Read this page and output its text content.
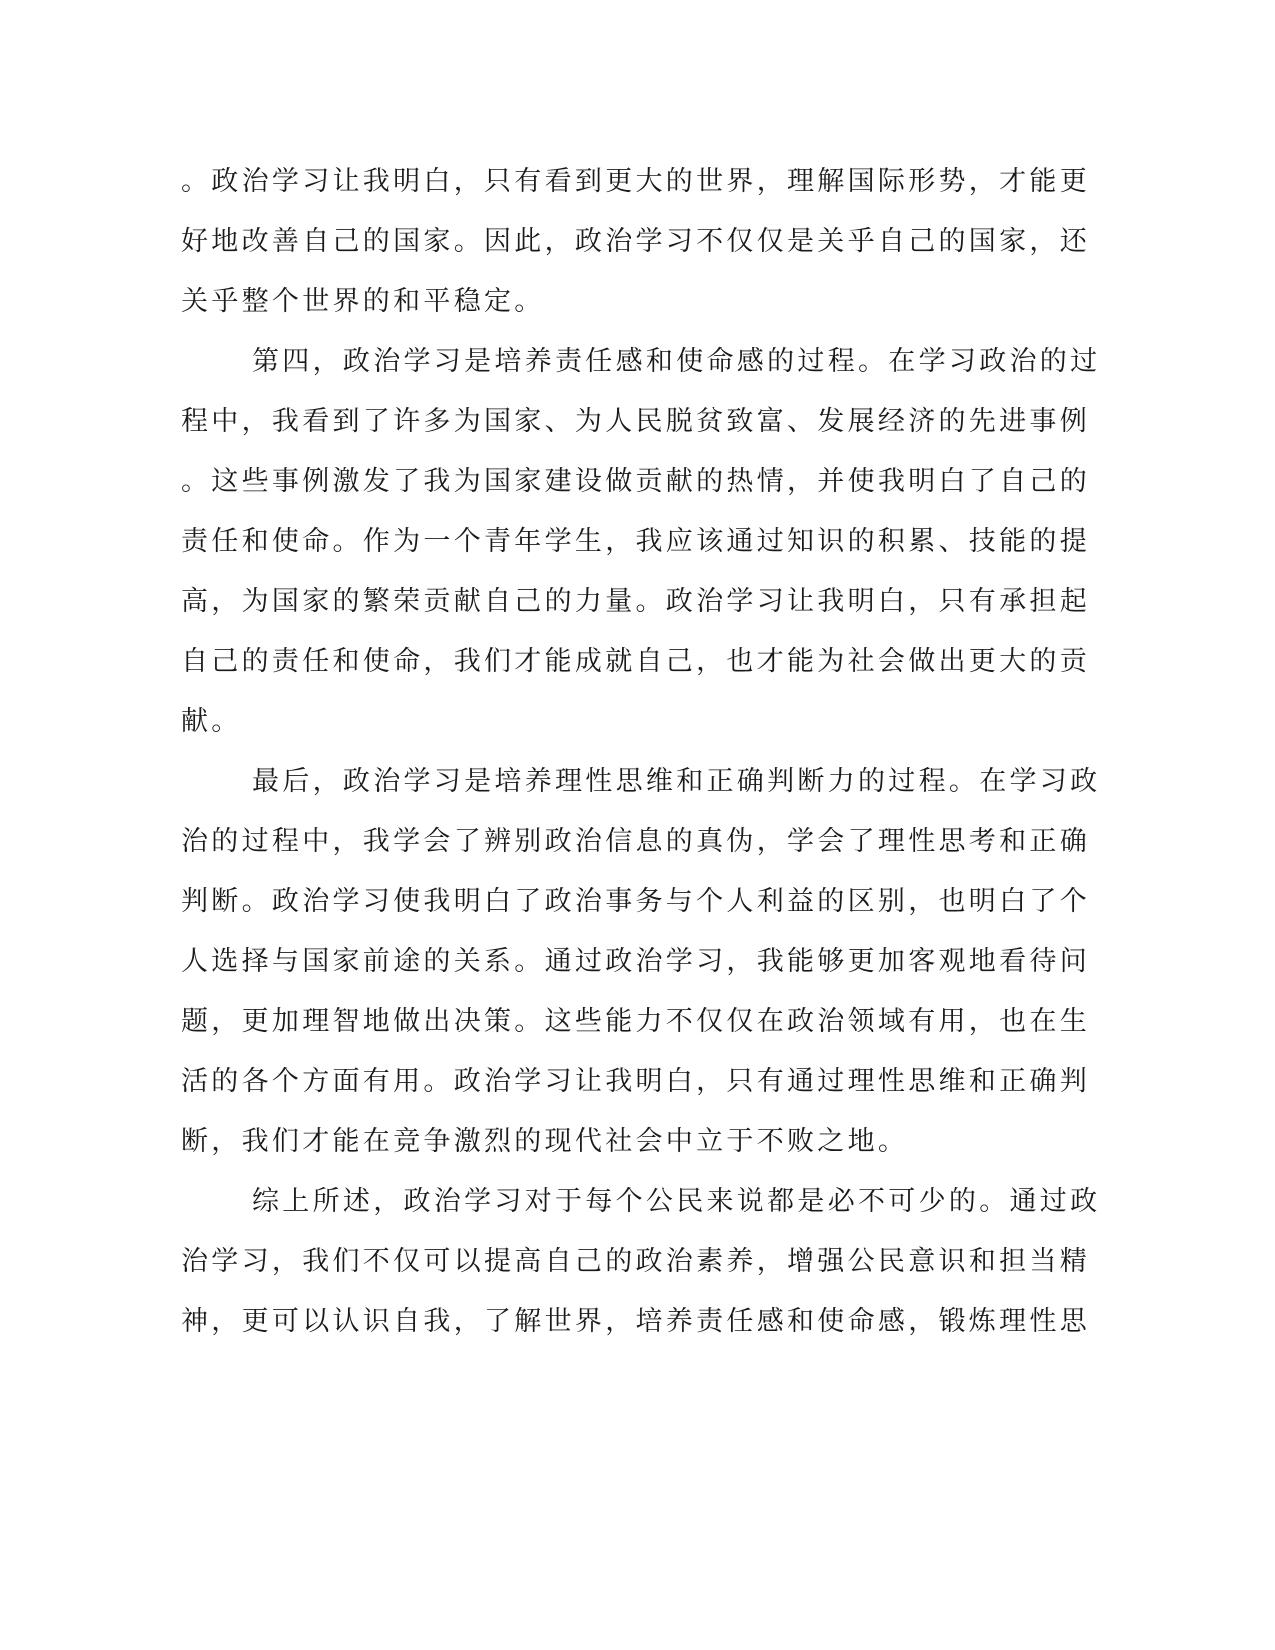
。政治学习让我明白，只有看到更大的世界，理解国际形势，才能更
好地改善自己的国家。因此，政治学习不仅仅是关乎自己的国家，还
关乎整个世界的和平稳定。
第四，政治学习是培养责任感和使命感的过程。在学习政治的过
程中，我看到了许多为国家、为人民脱贫致富、发展经济的先进事例
。这些事例激发了我为国家建设做贡献的热情，并使我明白了自己的
责任和使命。作为一个青年学生，我应该通过知识的积累、技能的提
高，为国家的繁荣贡献自己的力量。政治学习让我明白，只有承担起
自己的责任和使命，我们才能成就自己，也才能为社会做出更大的贡
献。
最后，政治学习是培养理性思维和正确判断力的过程。在学习政
治的过程中，我学会了辨别政治信息的真伪，学会了理性思考和正确
判断。政治学习使我明白了政治事务与个人利益的区别，也明白了个
人选择与国家前途的关系。通过政治学习，我能够更加客观地看待问
题，更加理智地做出决策。这些能力不仅仅在政治领域有用，也在生
活的各个方面有用。政治学习让我明白，只有通过理性思维和正确判
断，我们才能在竞争激烈的现代社会中立于不败之地。
综上所述，政治学习对于每个公民来说都是必不可少的。通过政
治学习，我们不仅可以提高自己的政治素养，增强公民意识和担当精
神，更可以认识自我，了解世界，培养责任感和使命感，锻炼理性思
